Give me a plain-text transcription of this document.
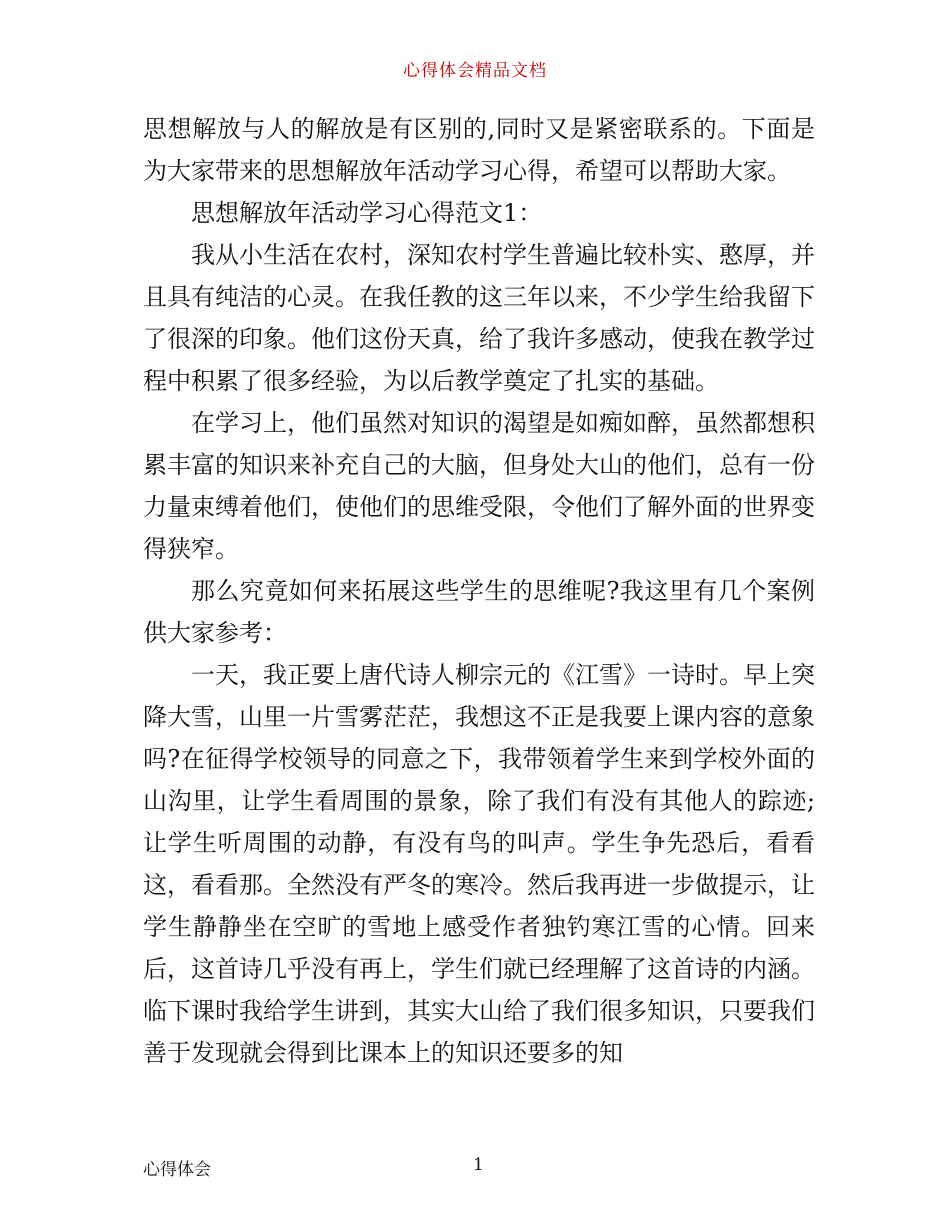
心得体会精品文档

思想解放与人的解放是有区别的,同时又是紧密联系的。下面是为大家带来的思想解放年活动学习心得，希望可以帮助大家。

思想解放年活动学习心得范文1：

我从小生活在农村，深知农村学生普遍比较朴实、憨厚，并且具有纯洁的心灵。在我任教的这三年以来，不少学生给我留下了很深的印象。他们这份天真，给了我许多感动，使我在教学过程中积累了很多经验，为以后教学奠定了扎实的基础。

在学习上，他们虽然对知识的渴望是如痴如醉，虽然都想积累丰富的知识来补充自己的大脑，但身处大山的他们，总有一份力量束缚着他们，使他们的思维受限，令他们了解外面的世界变得狭窄。

那么究竟如何来拓展这些学生的思维呢?我这里有几个案例供大家参考：

一天，我正要上唐代诗人柳宗元的《江雪》一诗时。早上突降大雪，山里一片雪雾茫茫，我想这不正是我要上课内容的意象吗?在征得学校领导的同意之下，我带领着学生来到学校外面的山沟里，让学生看周围的景象，除了我们有没有其他人的踪迹;让学生听周围的动静，有没有鸟的叫声。学生争先恐后，看看这，看看那。全然没有严冬的寒冷。然后我再进一步做提示，让学生静静坐在空旷的雪地上感受作者独钓寒江雪的心情。回来后，这首诗几乎没有再上，学生们就已经理解了这首诗的内涵。临下课时我给学生讲到，其实大山给了我们很多知识，只要我们善于发现就会得到比课本上的知识还要多的知

心得体会	1
